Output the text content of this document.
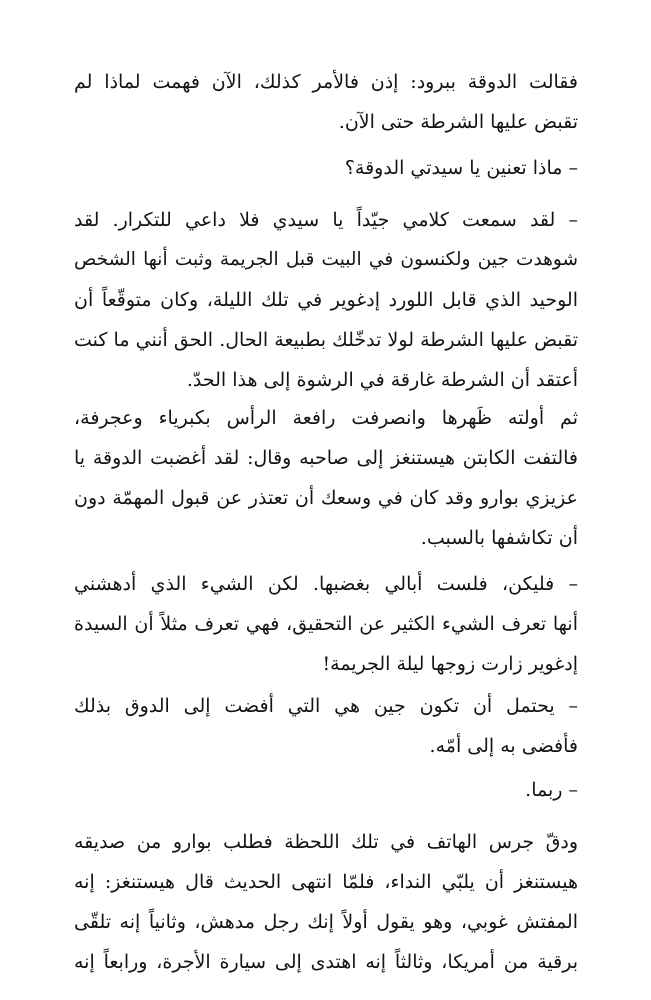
فقالت الدوقة ببرود: إذن فالأمر كذلك، الآن فهمت لماذا لم
تقبض عليها الشرطة حتى الآن.
– ماذا تعنين يا سيدتي الدوقة؟
– لقد سمعت كلامي جيّداً يا سيدي فلا داعي للتكرار. لقد
شوهدت جين ولكنسون في البيت قبل الجريمة وثبت أنها الشخص
الوحيد الذي قابل اللورد إدغوير في تلك الليلة، وكان متوقّعاً أن
تقبض عليها الشرطة لولا تدخّلك بطبيعة الحال. الحق أنني ما كنت
أعتقد أن الشرطة غارقة في الرشوة إلى هذا الحدّ.
ثم أولته ظَهرها وانصرفت رافعة الرأس بكبرياء وعجرفة،
فالتفت الكابتن هيستنغز إلى صاحبه وقال: لقد أغضبت الدوقة يا
عزيزي بوارو وقد كان في وسعك أن تعتذر عن قبول المهمّة دون
أن تكاشفها بالسبب.
– فليكن، فلست أبالي بغضبها. لكن الشيء الذي أدهشني
أنها تعرف الشيء الكثير عن التحقيق، فهي تعرف مثلاً أن السيدة
إدغوير زارت زوجها ليلة الجريمة!
– يحتمل أن تكون جين هي التي أفضت إلى الدوق بذلك
فأفضى به إلى أمّه.
– ربما.
ودقّ جرس الهاتف في تلك اللحظة فطلب بوارو من صديقه
هيستنغز أن يلبّي النداء، فلمّا انتهى الحديث قال هيستنغز: إنه
المفتش غوبي، وهو يقول أولاً إنك رجل مدهش، وثانياً إنه تلقّى
برقية من أمريكا، وثالثاً إنه اهتدى إلى سيارة الأجرة، ورابعاً إنه
